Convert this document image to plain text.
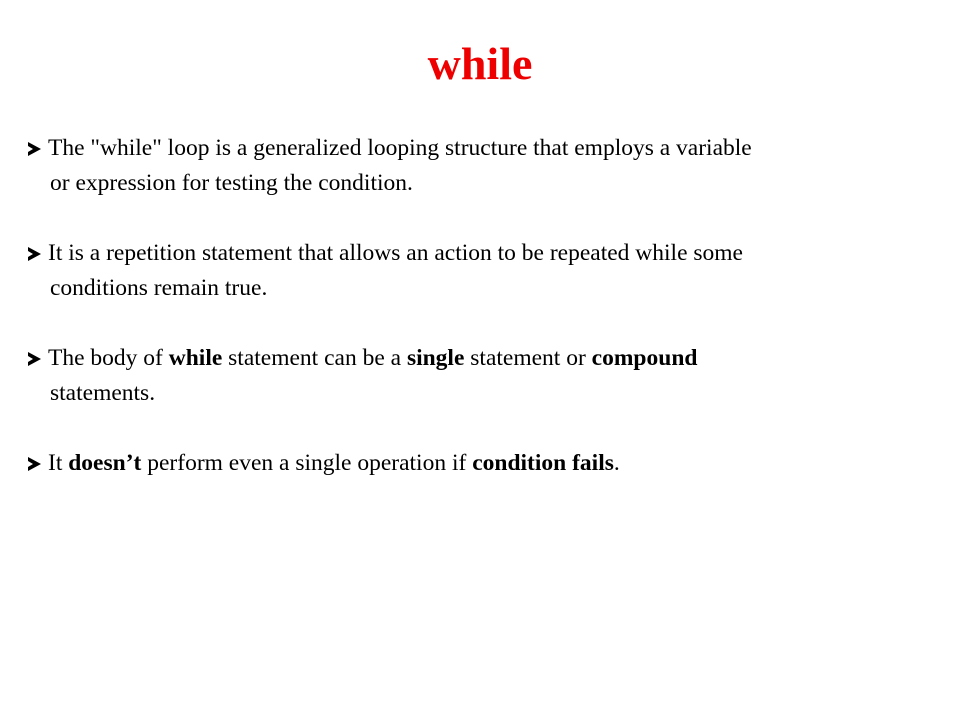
while
The "while" loop is a generalized looping structure that employs a variable
or expression for testing the condition.
It is a repetition statement that allows an action to be repeated while some
conditions remain true.
The body of while statement can be a single statement or compound
statements.
It doesn’t perform even a single operation if condition fails.
